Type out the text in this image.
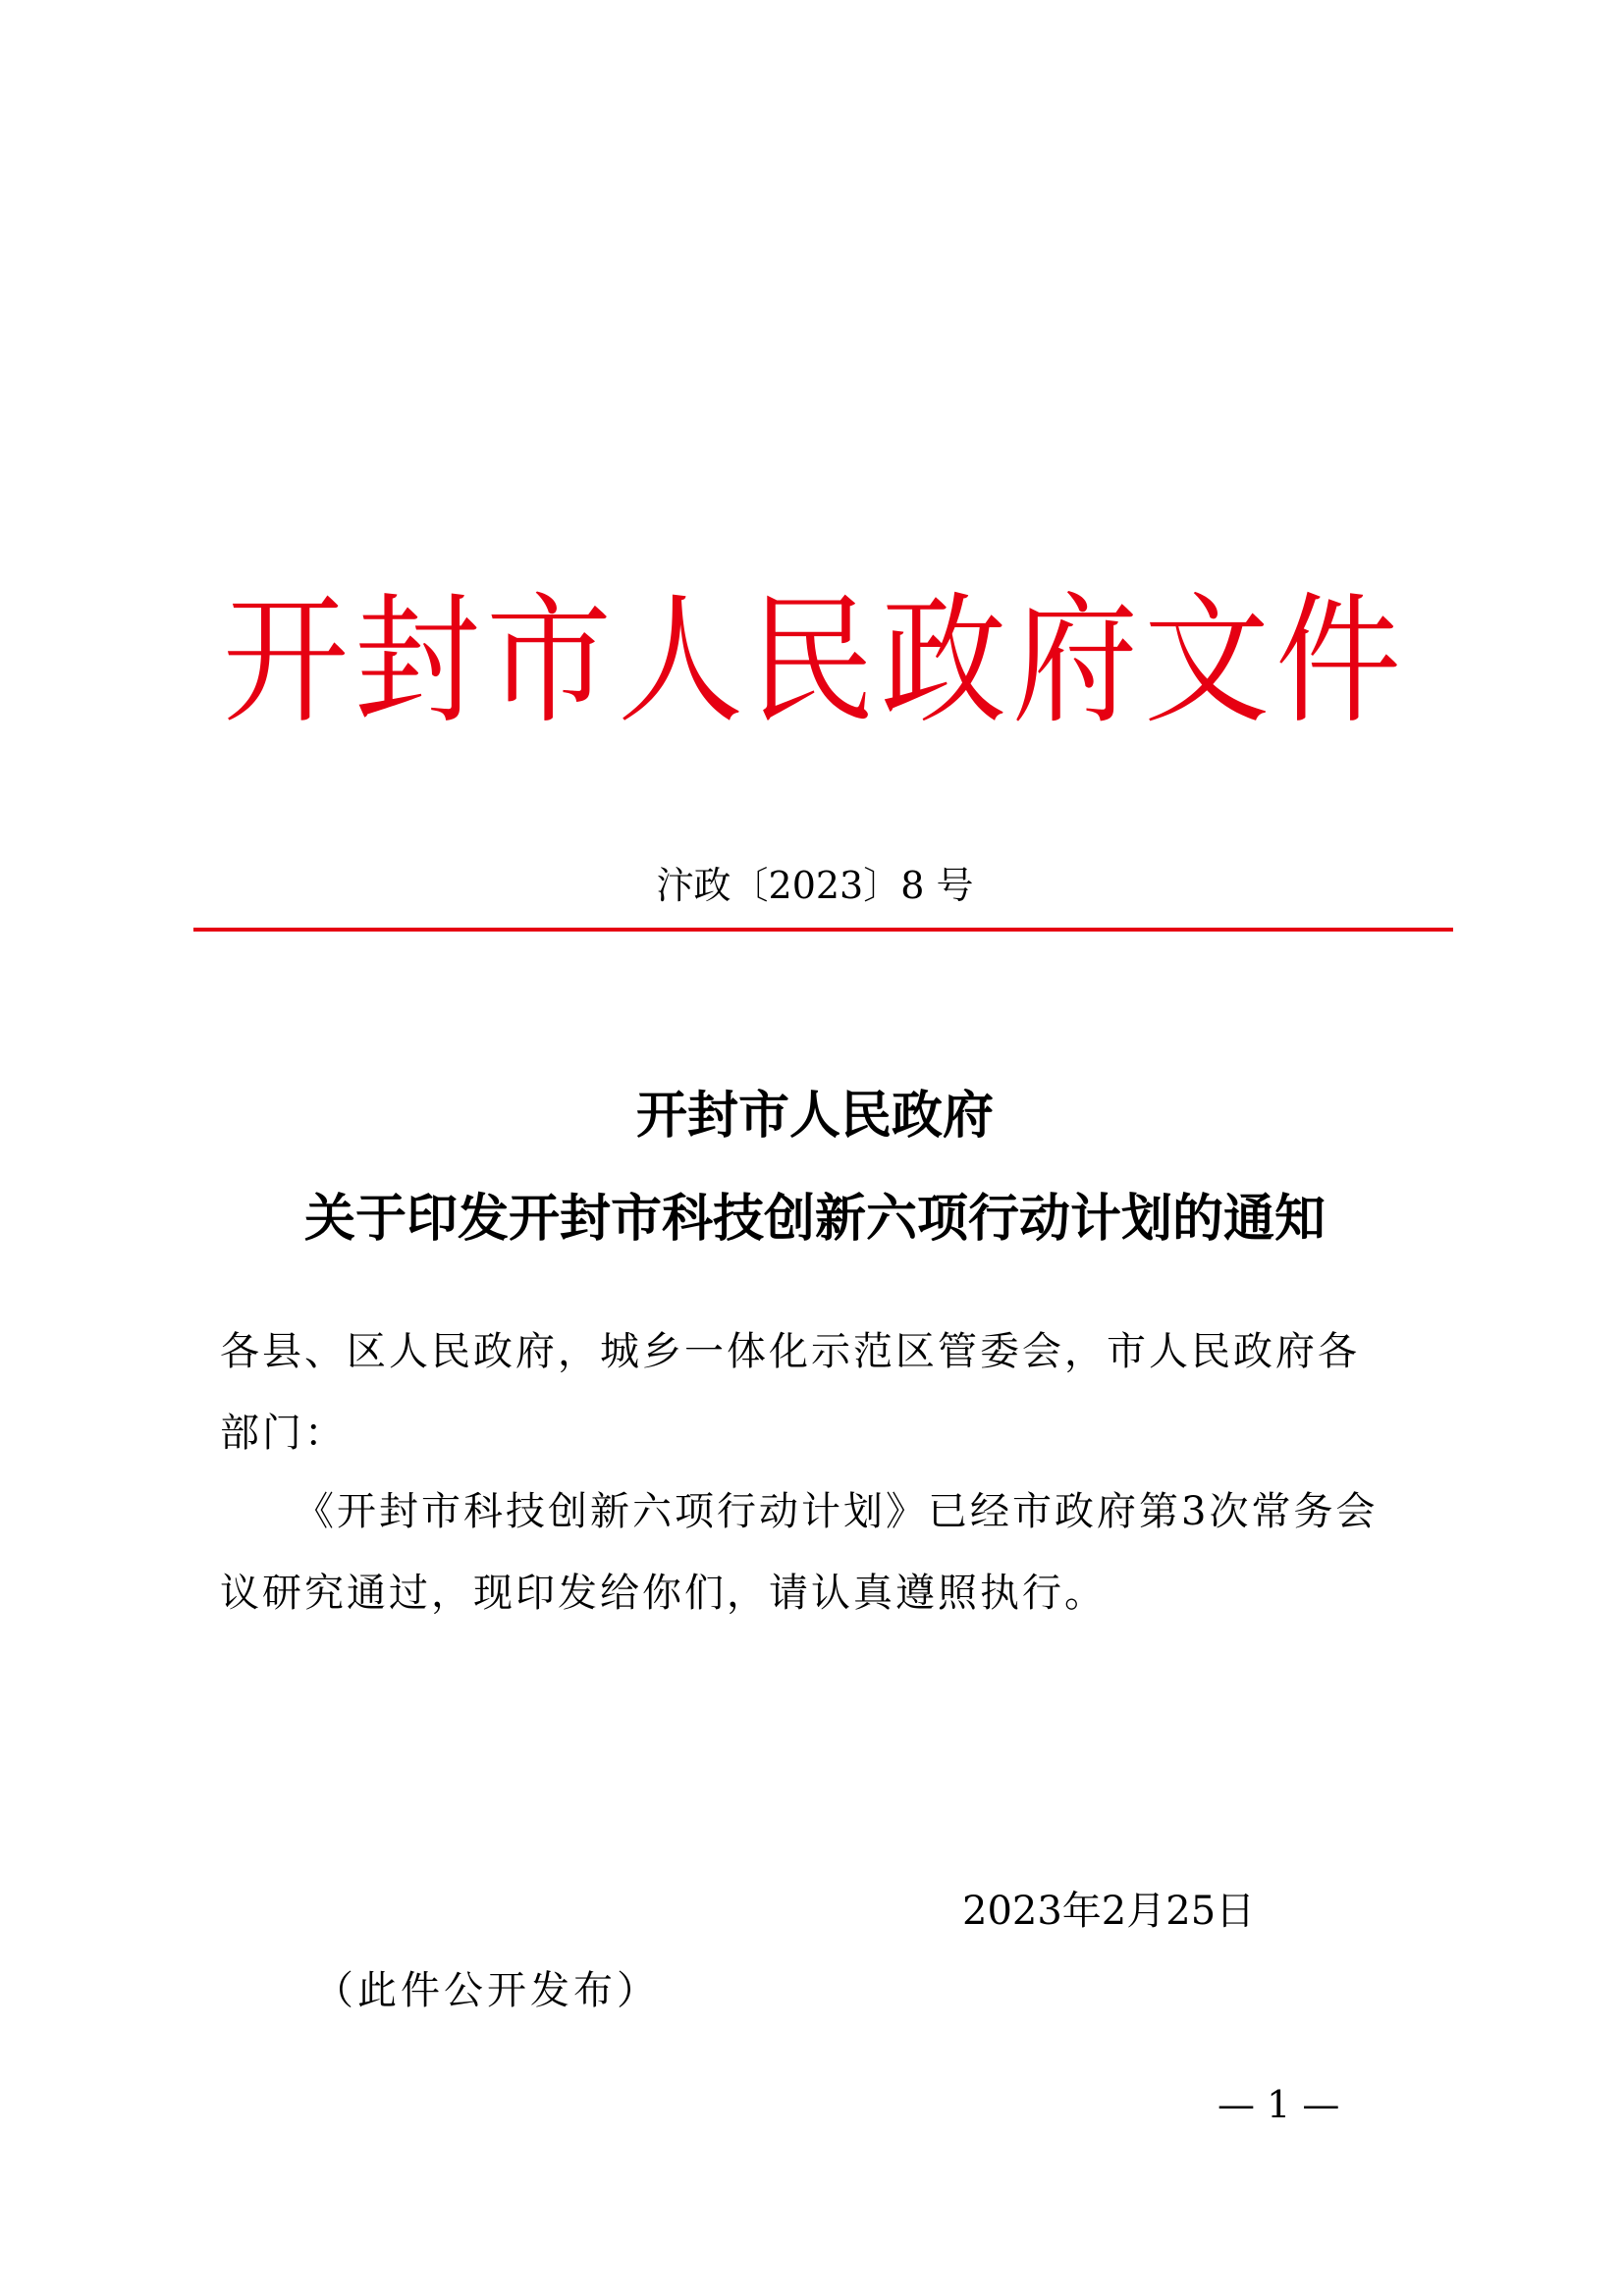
开封市人民政府文件
汴政〔2023〕8 号
开封市人民政府
关于印发开封市科技创新六项行动计划的通知
各县、区人民政府，城乡一体化示范区管委会，市人民政府各
部门：
《开封市科技创新六项行动计划》已经市政府第3次常务会
议研究通过，现印发给你们，请认真遵照执行。
2023年2月25日
（此件公开发布）
— 1 —
